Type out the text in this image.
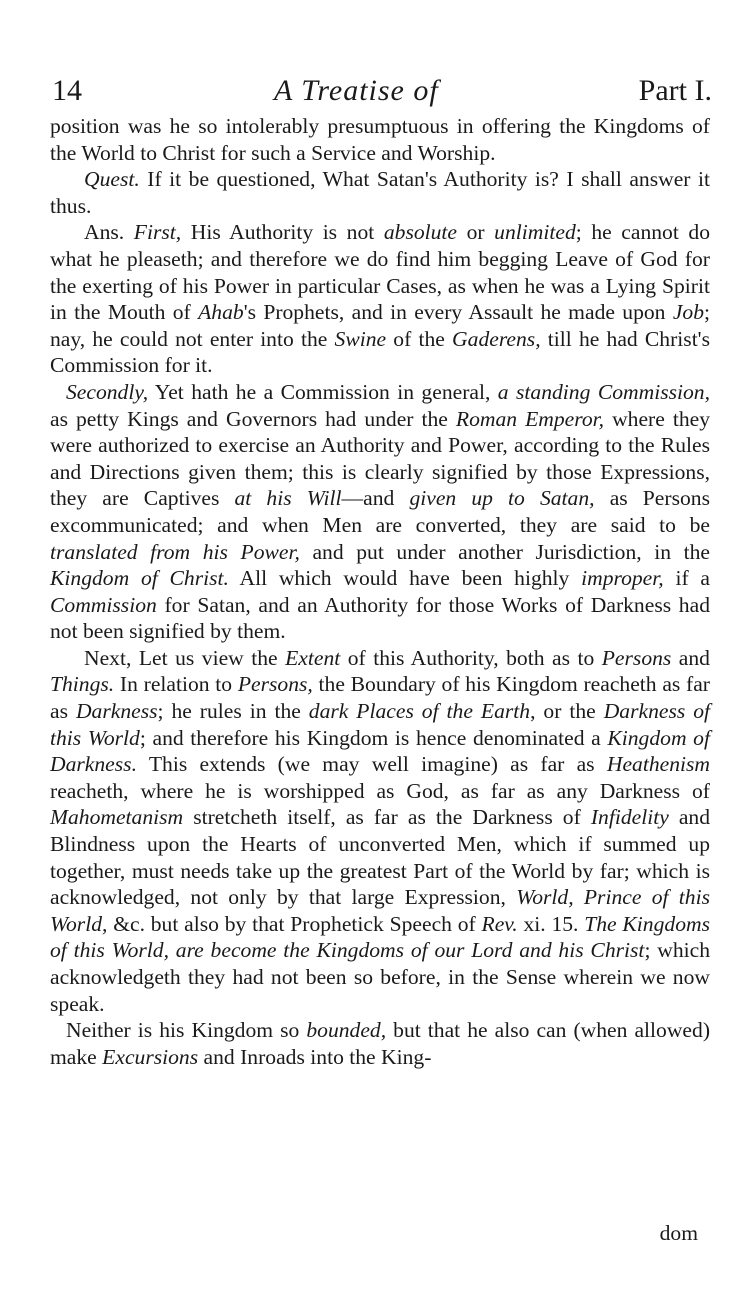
14	A Treatise of	Part I.

position was he so intolerably presumptuous in offering the Kingdoms of the World to Christ for such a Service and Worship.

Quest. If it be questioned, What Satan's Authority is? I shall answer it thus.

Ans. First, His Authority is not absolute or unlimited; he cannot do what he pleaseth; and therefore we do find him begging Leave of God for the exerting of his Power in particular Cases, as when he was a Lying Spirit in the Mouth of Ahab's Prophets, and in every Assault he made upon Job; nay, he could not enter into the Swine of the Gaderens, till he had Christ's Commission for it.

Secondly, Yet hath he a Commission in general, a standing Commission, as petty Kings and Governors had under the Roman Emperor, where they were authorized to exercise an Authority and Power, according to the Rules and Directions given them; this is clearly signified by those Expressions, they are Captives at his Will—and given up to Satan, as Persons excommunicated; and when Men are converted, they are said to be translated from his Power, and put under another Jurisdiction, in the Kingdom of Christ. All which would have been highly improper, if a Commission for Satan, and an Authority for those Works of Darkness had not been signified by them.

Next, Let us view the Extent of this Authority, both as to Persons and Things. In relation to Persons, the Boundary of his Kingdom reacheth as far as Darkness; he rules in the dark Places of the Earth, or the Darkness of this World; and therefore his Kingdom is hence denominated a Kingdom of Darkness. This extends (we may well imagine) as far as Heathenism reacheth, where he is worshipped as God, as far as any Darkness of Mahometanism stretcheth itself, as far as the Darkness of Infidelity and Blindness upon the Hearts of unconverted Men, which if summed up together, must needs take up the greatest Part of the World by far; which is acknowledged, not only by that large Expression, World, Prince of this World, &c. but also by that Prophetick Speech of Rev. xi. 15. The Kingdoms of this World, are become the Kingdoms of our Lord and his Christ; which acknowledgeth they had not been so before, in the Sense wherein we now speak.

Neither is his Kingdom so bounded, but that he also can (when allowed) make Excursions and Inroads into the King-

dom
